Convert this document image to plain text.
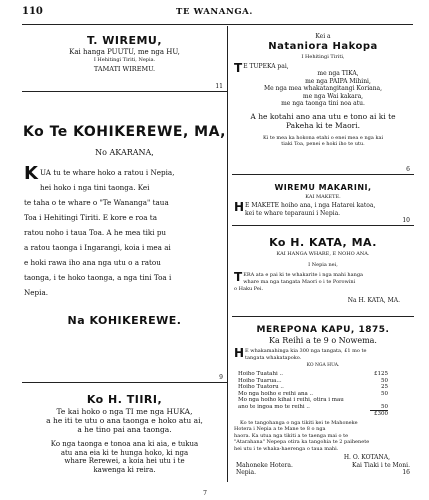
110	TE WANANGA.
T. WIREMU,
Kai hanga PUUTU, me nga HU,
I Hehitingi Tiriti, Nepia.
TAMATI WIREMU.
11
Ko Te KOHIKEREWE, MA,
No AKARANA,
K UA tu te whare hoko a ratou i Nepia,
hei hoko i nga tini taonga. Kei
te taha o te whare o "Te Wananga" taua
Toa i Hehitingi Tiriti. E kore e roa ta
ratou noho i taua Toa. A he mea tiki pu
a ratou taonga i Ingarangi, koia i mea ai
e hoki rawa iho ana nga utu o a ratou
taonga, i te hoko taonga, a nga tini Toa i
Nepia.
Na KOHIKEREWE.
9
Ko H. TIIRI,
Te kai hoko o nga TI me nga HUKA,
a he iti te utu o ana taonga e hoko atu ai,
a he tino pai ana taonga.
Ko nga taonga e tonoa ana ki aia, e tukua
atu ana eia ki te hunga hoko, ki nga
whare Rerewei, a koia hei utu i te
kawenga ki reira.
7
Kei a
Nataniora Hakopa
I Hehitingi Tiriti,
T E TUPEKA pai,
me nga TIKA,
me nga PAIPA Mihini,
Me nga mea whakatangitangi Koriana,
me nga Wai kakara,
me nga taonga tini noa atu.
A he kotahi ano ana utu e tono ai ki te
Pakeha ki te Maori.
Ki te mea ka hokona etahi o enei mea e nga kai
tiaki Toa, penei e hoki iho te utu.
6
WIREMU MAKARINI,
KAI MAKETE.
H E MAKETE hoiho ana, i nga Hatarei katoa,
kei te whare teparauni i Nepia.
10
Ko H. KATA, MA.
KAI HANGA WHARE, E NOHO ANA.
I Nepia nei,
T ERA ata e pai ki te whakarite i nga mahi hanga
whare ma nga tangata Maori o i te Porowini
o Haku Pei.
Na H. KATA, MA.
MEREPONA KAPU, 1875.
Ka Reihi a te 9 o Nowema.
H E whakamahinga kia 300 nga tangata, £1 mo te
tangata whakatapoko.
KO NGA HUA.
Hoiho Tuatahi ..	£125
Hoiho Tuarua...	50
Hoiho Tuatoru ..	25
Mo nga hoiho e reihi ana ..	50
Mo nga hoiho kihai i reihi, otira i mau	
ano te ingoa mo te reihi ..	50
	£300
Ko te tangohanga o nga tikiti kei te Mahoneke
Hotera i Nepia a te Mane te 8 o nga
haora. Ka utua nga tikiti a te taenga mai o te
"Atarahana" Nepepa otira ka tangohia te 2 paihenete
hei utu i te whaka-haerenga o taua mahi.
H. O. KOTANA,
Mahoneke Hotera.	Kai Tiaki i te Moni.
Nepia.	16
